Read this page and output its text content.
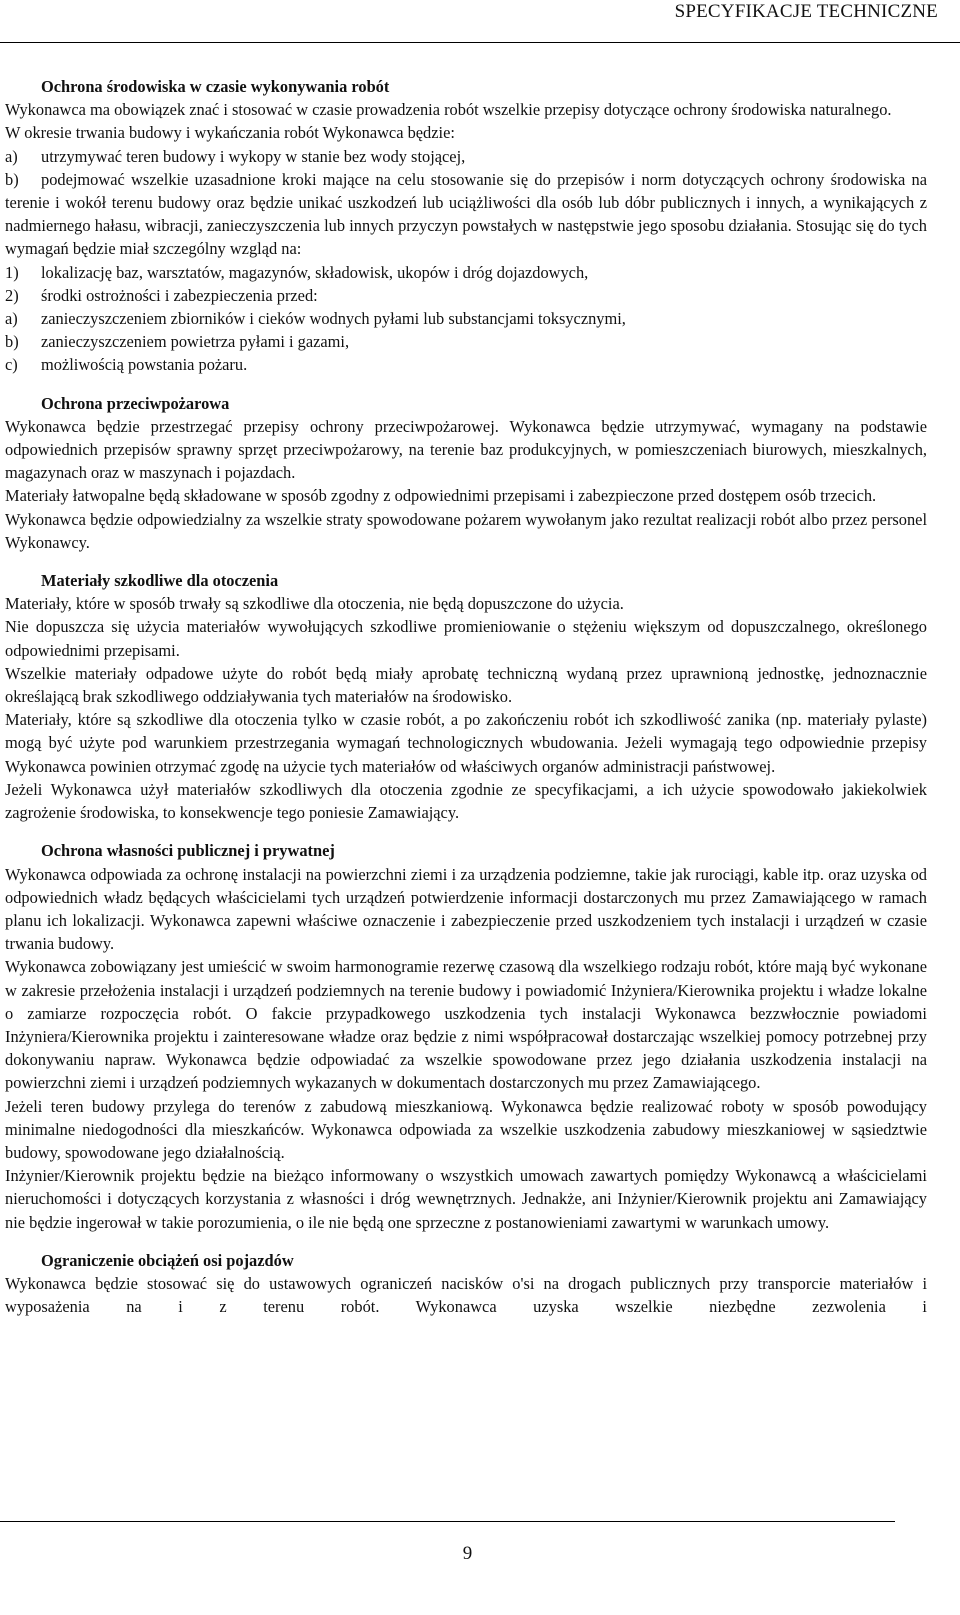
SPECYFIKACJE TECHNICZNE

Ochrona środowiska w czasie wykonywania robót

Wykonawca ma obowiązek znać i stosować w czasie prowadzenia robót wszelkie przepisy dotyczące ochrony środowiska naturalnego.

W okresie trwania budowy i wykańczania robót Wykonawca będzie:

a)	utrzymywać teren budowy i wykopy w stanie bez wody stojącej,
b)	podejmować wszelkie uzasadnione kroki mające na celu stosowanie się do przepisów i norm dotyczących ochrony środowiska na terenie i wokół terenu budowy oraz będzie unikać uszkodzeń lub uciążliwości dla osób lub dóbr publicznych i innych, a wynikających z nadmiernego hałasu, wibracji, zanieczyszczenia lub innych przyczyn powstałych w następstwie jego sposobu działania. Stosując się do tych wymagań będzie miał szczególny wzgląd na:
1)	lokalizację baz, warsztatów, magazynów, składowisk, ukopów i dróg dojazdowych,
2)	środki ostrożności i zabezpieczenia przed:
a)	zanieczyszczeniem zbiorników i cieków wodnych pyłami lub substancjami toksycznymi,
b)	zanieczyszczeniem powietrza pyłami i gazami,
c)	możliwością powstania pożaru.

Ochrona przeciwpożarowa

Wykonawca będzie przestrzegać przepisy ochrony przeciwpożarowej. Wykonawca będzie utrzymywać, wymagany na podstawie odpowiednich przepisów sprawny sprzęt przeciwpożarowy, na terenie baz produkcyjnych, w pomieszczeniach biurowych, mieszkalnych, magazynach oraz w maszynach i pojazdach.

Materiały łatwopalne będą składowane w sposób zgodny z odpowiednimi przepisami i zabezpieczone przed dostępem osób trzecich.

Wykonawca będzie odpowiedzialny za wszelkie straty spowodowane pożarem wywołanym jako rezultat realizacji robót albo przez personel Wykonawcy.

Materiały szkodliwe dla otoczenia

Materiały, które w sposób trwały są szkodliwe dla otoczenia, nie będą dopuszczone do użycia.

Nie dopuszcza się użycia materiałów wywołujących szkodliwe promieniowanie o stężeniu większym od dopuszczalnego, określonego odpowiednimi przepisami.

Wszelkie materiały odpadowe użyte do robót będą miały aprobatę techniczną wydaną przez uprawnioną jednostkę, jednoznacznie określającą brak szkodliwego oddziaływania tych materiałów na środowisko.

Materiały, które są szkodliwe dla otoczenia tylko w czasie robót, a po zakończeniu robót ich szkodliwość zanika (np. materiały pylaste) mogą być użyte pod warunkiem przestrzegania wymagań technologicznych wbudowania. Jeżeli wymagają tego odpowiednie przepisy Wykonawca powinien otrzymać zgodę na użycie tych materiałów od właściwych organów administracji państwowej.

Jeżeli Wykonawca użył materiałów szkodliwych dla otoczenia zgodnie ze specyfikacjami, a ich użycie spowodowało jakiekolwiek zagrożenie środowiska, to konsekwencje tego poniesie Zamawiający.

Ochrona własności publicznej i prywatnej

Wykonawca odpowiada za ochronę instalacji na powierzchni ziemi i za urządzenia podziemne, takie jak rurociągi, kable itp. oraz uzyska od odpowiednich władz będących właścicielami tych urządzeń potwierdzenie informacji dostarczonych mu przez Zamawiającego w ramach planu ich lokalizacji. Wykonawca zapewni właściwe oznaczenie i zabezpieczenie przed uszkodzeniem tych instalacji i urządzeń w czasie trwania budowy.

Wykonawca zobowiązany jest umieścić w swoim harmonogramie rezerwę czasową dla wszelkiego rodzaju robót, które mają być wykonane w zakresie przełożenia instalacji i urządzeń podziemnych na terenie budowy i powiadomić Inżyniera/Kierownika projektu i władze lokalne o zamiarze rozpoczęcia robót. O fakcie przypadkowego uszkodzenia tych instalacji Wykonawca bezzwłocznie powiadomi Inżyniera/Kierownika projektu i zainteresowane władze oraz będzie z nimi współpracował dostarczając wszelkiej pomocy potrzebnej przy dokonywaniu napraw. Wykonawca będzie odpowiadać za wszelkie spowodowane przez jego działania uszkodzenia instalacji na powierzchni ziemi i urządzeń podziemnych wykazanych w dokumentach dostarczonych mu przez Zamawiającego.

Jeżeli teren budowy przylega do terenów z zabudową mieszkaniową. Wykonawca będzie realizować roboty w sposób powodujący minimalne niedogodności dla mieszkańców. Wykonawca odpowiada za wszelkie uszkodzenia zabudowy mieszkaniowej w sąsiedztwie budowy, spowodowane jego działalnością.

Inżynier/Kierownik projektu będzie na bieżąco informowany o wszystkich umowach zawartych pomiędzy Wykonawcą a właścicielami nieruchomości i dotyczących korzystania z własności i dróg wewnętrznych. Jednakże, ani Inżynier/Kierownik projektu ani Zamawiający nie będzie ingerował w takie porozumienia, o ile nie będą one sprzeczne z postanowieniami zawartymi w warunkach umowy.

Ograniczenie obciążeń osi pojazdów

Wykonawca będzie stosować się do ustawowych ograniczeń nacisków o'si na drogach publicznych przy transporcie materiałów i wyposażenia na i z terenu robót. Wykonawca uzyska wszelkie niezbędne zezwolenia i

9
